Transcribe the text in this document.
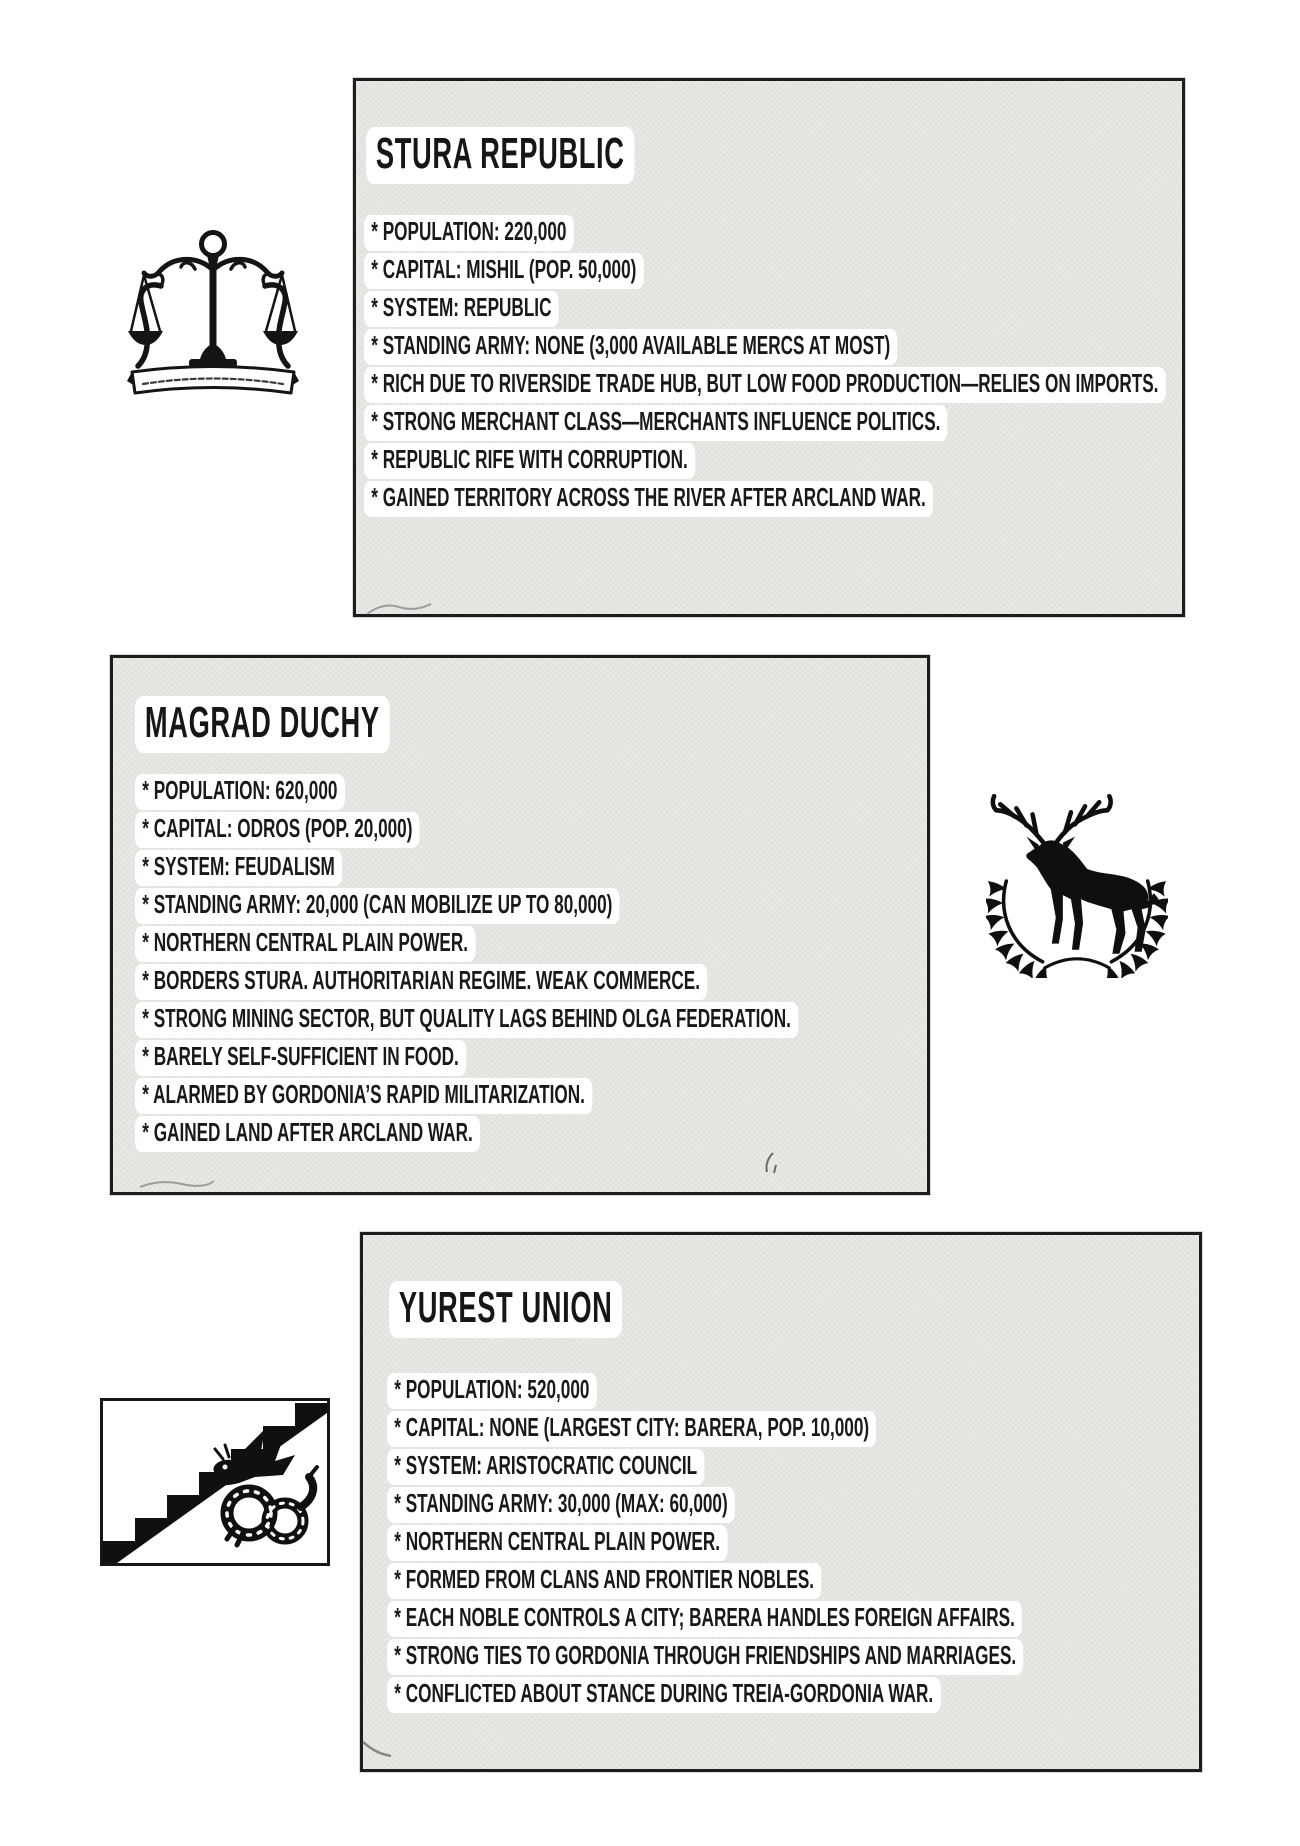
STURA REPUBLIC
* POPULATION: 220,000
* CAPITAL: MISHIL (POP. 50,000)
* SYSTEM: REPUBLIC
* STANDING ARMY: NONE (3,000 AVAILABLE MERCS AT MOST)
* RICH DUE TO RIVERSIDE TRADE HUB, BUT LOW FOOD PRODUCTION—RELIES ON IMPORTS.
* STRONG MERCHANT CLASS—MERCHANTS INFLUENCE POLITICS.
* REPUBLIC RIFE WITH CORRUPTION.
* GAINED TERRITORY ACROSS THE RIVER AFTER ARCLAND WAR.
MAGRAD DUCHY
* POPULATION: 620,000
* CAPITAL: ODROS (POP. 20,000)
* SYSTEM: FEUDALISM
* STANDING ARMY: 20,000 (CAN MOBILIZE UP TO 80,000)
* NORTHERN CENTRAL PLAIN POWER.
* BORDERS STURA. AUTHORITARIAN REGIME. WEAK COMMERCE.
* STRONG MINING SECTOR, BUT QUALITY LAGS BEHIND OLGA FEDERATION.
* BARELY SELF-SUFFICIENT IN FOOD.
* ALARMED BY GORDONIA’S RAPID MILITARIZATION.
* GAINED LAND AFTER ARCLAND WAR.
YUREST UNION
* POPULATION: 520,000
* CAPITAL: NONE (LARGEST CITY: BARERA, POP. 10,000)
* SYSTEM: ARISTOCRATIC COUNCIL
* STANDING ARMY: 30,000 (MAX: 60,000)
* NORTHERN CENTRAL PLAIN POWER.
* FORMED FROM CLANS AND FRONTIER NOBLES.
* EACH NOBLE CONTROLS A CITY; BARERA HANDLES FOREIGN AFFAIRS.
* STRONG TIES TO GORDONIA THROUGH FRIENDSHIPS AND MARRIAGES.
* CONFLICTED ABOUT STANCE DURING TREIA-GORDONIA WAR.
